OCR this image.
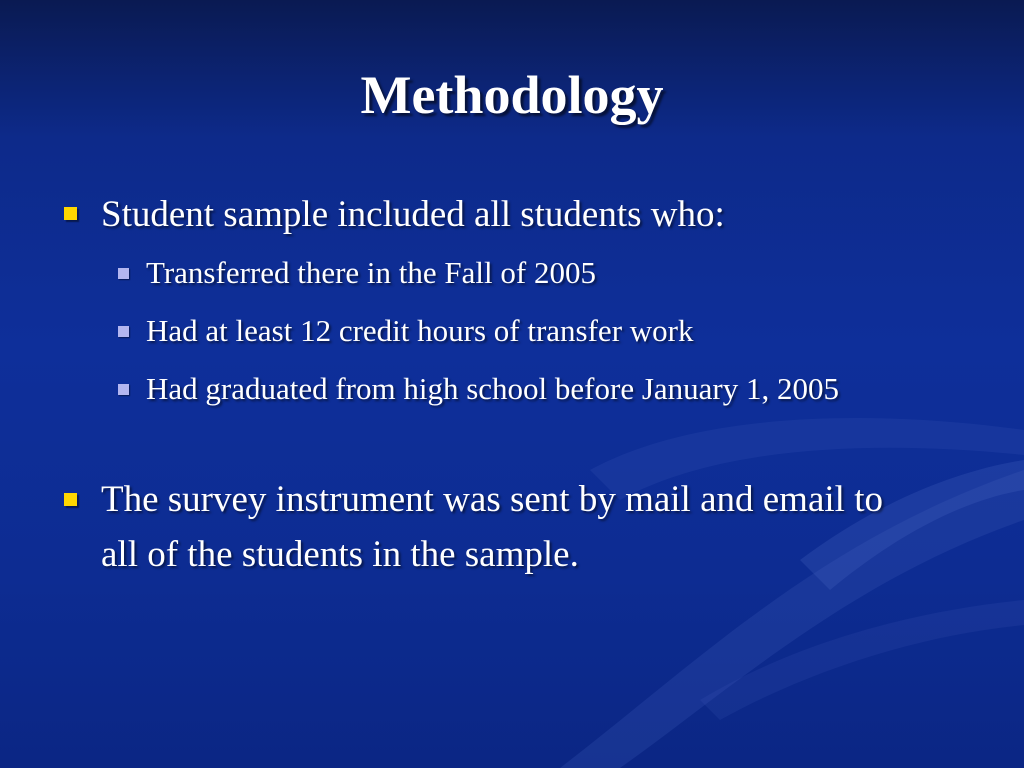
Methodology
Student sample included all students who:
Transferred there in the Fall of 2005
Had at least 12 credit hours of transfer work
Had graduated from high school before January 1, 2005
The survey instrument was sent by mail and email to all of the students in the sample.
